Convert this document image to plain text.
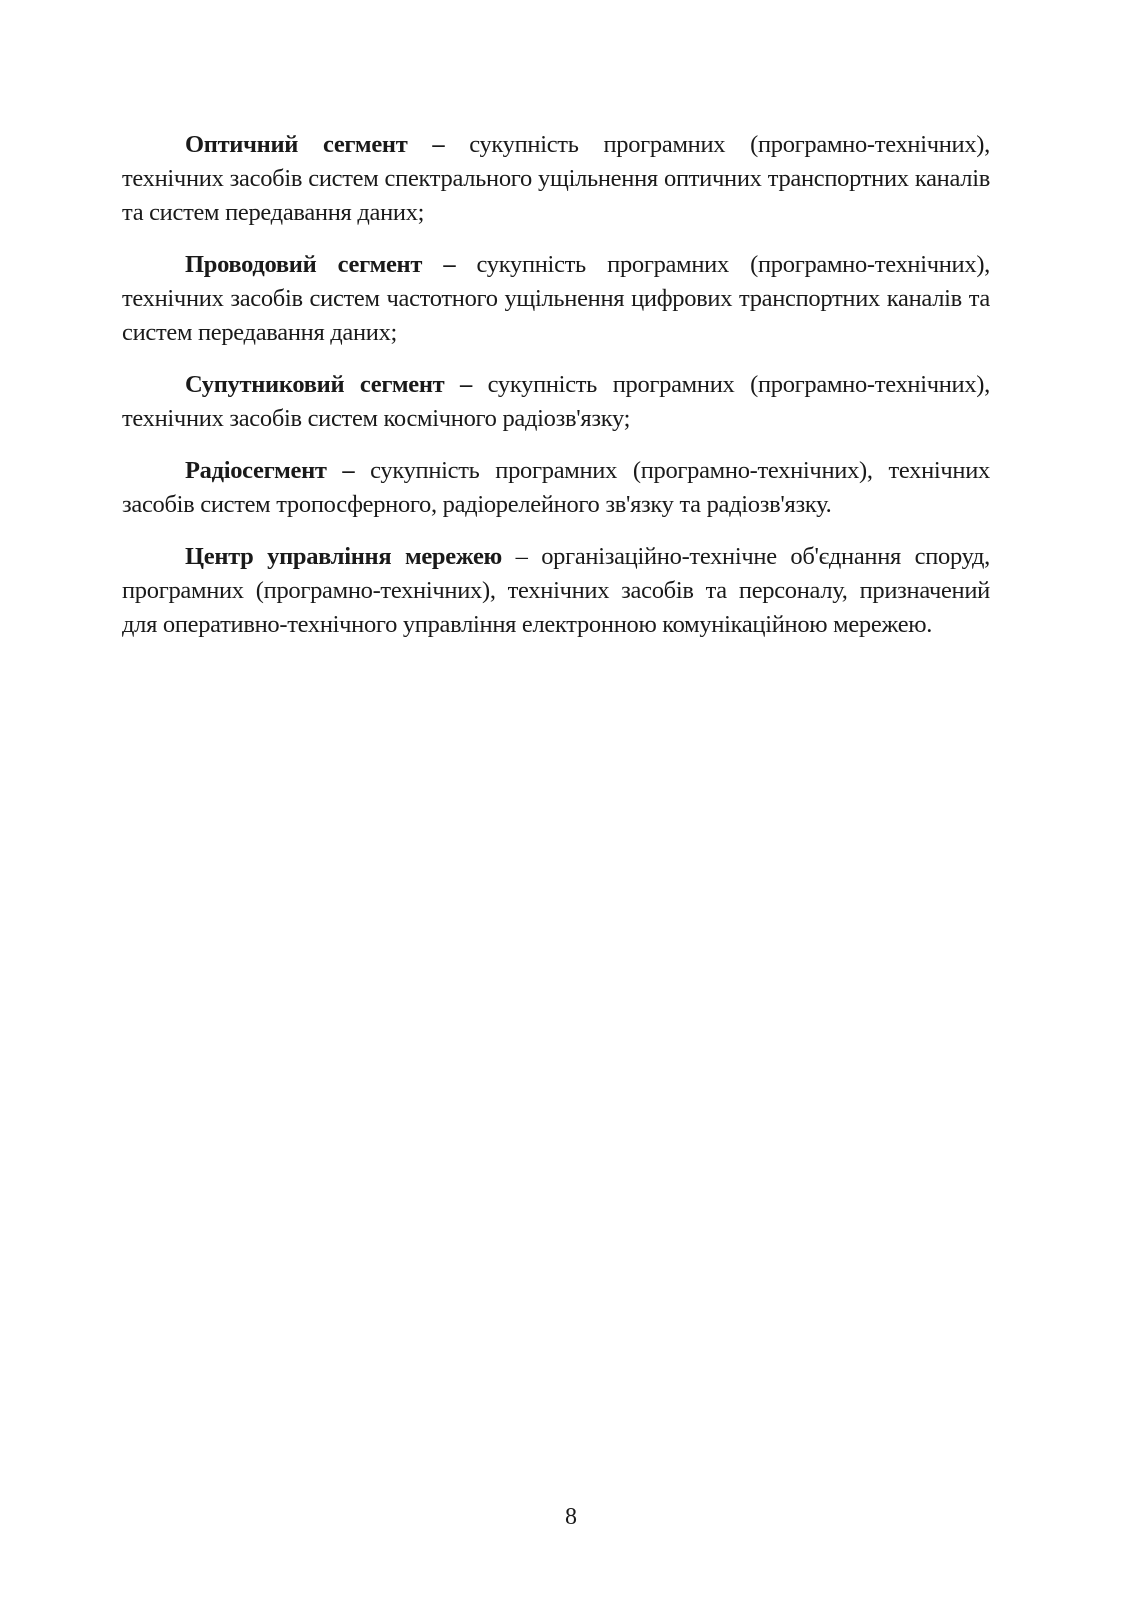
Оптичний сегмент – сукупність програмних (програмно-технічних), технічних засобів систем спектрального ущільнення оптичних транспортних каналів та систем передавання даних;

Проводовий сегмент – сукупність програмних (програмно-технічних), технічних засобів систем частотного ущільнення цифрових транспортних каналів та систем передавання даних;

Супутниковий сегмент – сукупність програмних (програмно-технічних), технічних засобів систем космічного радіозв'язку;

Радіосегмент – сукупність програмних (програмно-технічних), технічних засобів систем тропосферного, радіорелейного зв'язку та радіозв'язку.

Центр управління мережею – організаційно-технічне об'єднання споруд, програмних (програмно-технічних), технічних засобів та персоналу, призначений для оперативно-технічного управління електронною комунікаційною мережею.

8
